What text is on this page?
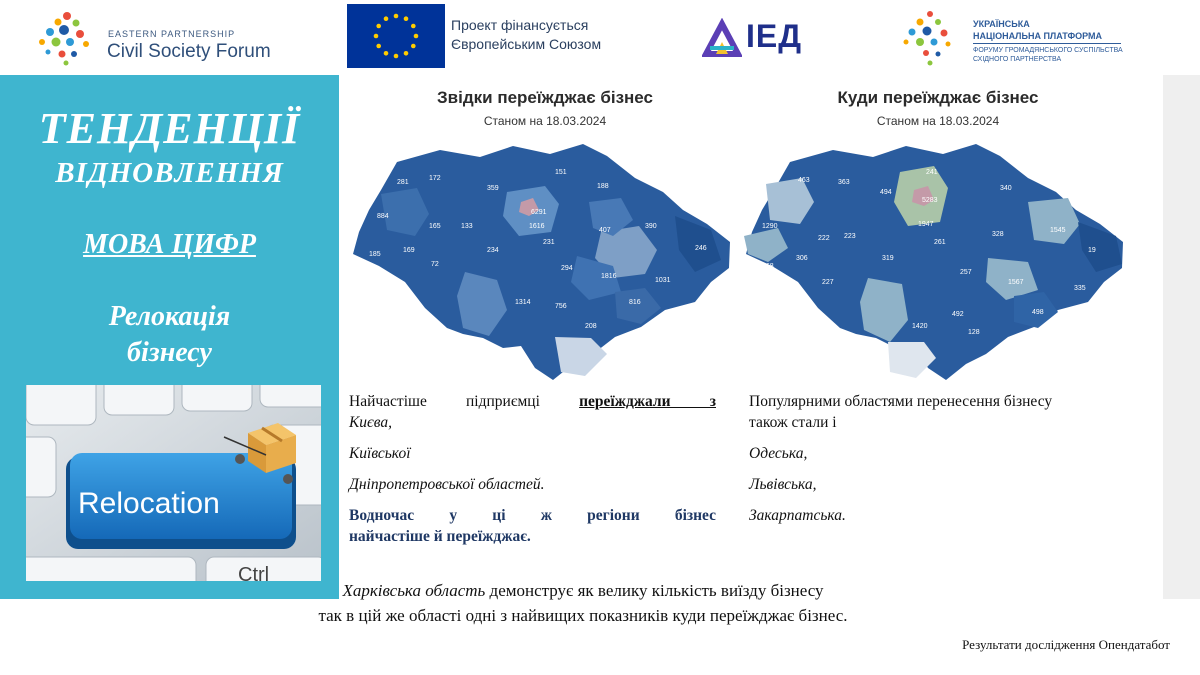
EASTERN PARTNERSHIP
Civil Society Forum
Проект фінансується
Європейським Союзом	ІЕД	УКРАЇНСЬКА
НАЦІОНАЛЬНА ПЛАТФОРМА
ФОРУМУ ГРОМАДЯНСЬКОГО СУСПІЛЬСТВА
СХІДНОГО ПАРТНЕРСТВА
ТЕНДЕНЦІЇ
ВІДНОВЛЕННЯ
МОВА ЦИФР
Релокація
бізнесу
Relocation
Ctrl
Звідки переїжджає бізнес
Станом на 18.03.2024
281
172
359
151
188
884
165	133
6291
1616	390
185
169
72
234
231
407
246
294
1816
1031
1314
756
816
208
Куди переїжджає бізнес
Станом на 18.03.2024
463	363
494
241
340
1290
5283
222 223
1947
328
1545
468
306	319
261
19
227
257
1567
335
1420
492	498
128
Найчастіше підприємці переїжджали з
Києва,
Київської
Дніпропетровської областей.
Водночас у ці ж регіони бізнес
найчастіше й переїжджає.
Популярними областями перенесення бізнесу
також стали і
Одеська,
Львівська,
Закарпатська.
Харківська область демонструє як велику кількість виїзду бізнесу
так в цій же області одні з найвищих показників куди переїжджає бізнес.
Результати дослідження Опендатабот
